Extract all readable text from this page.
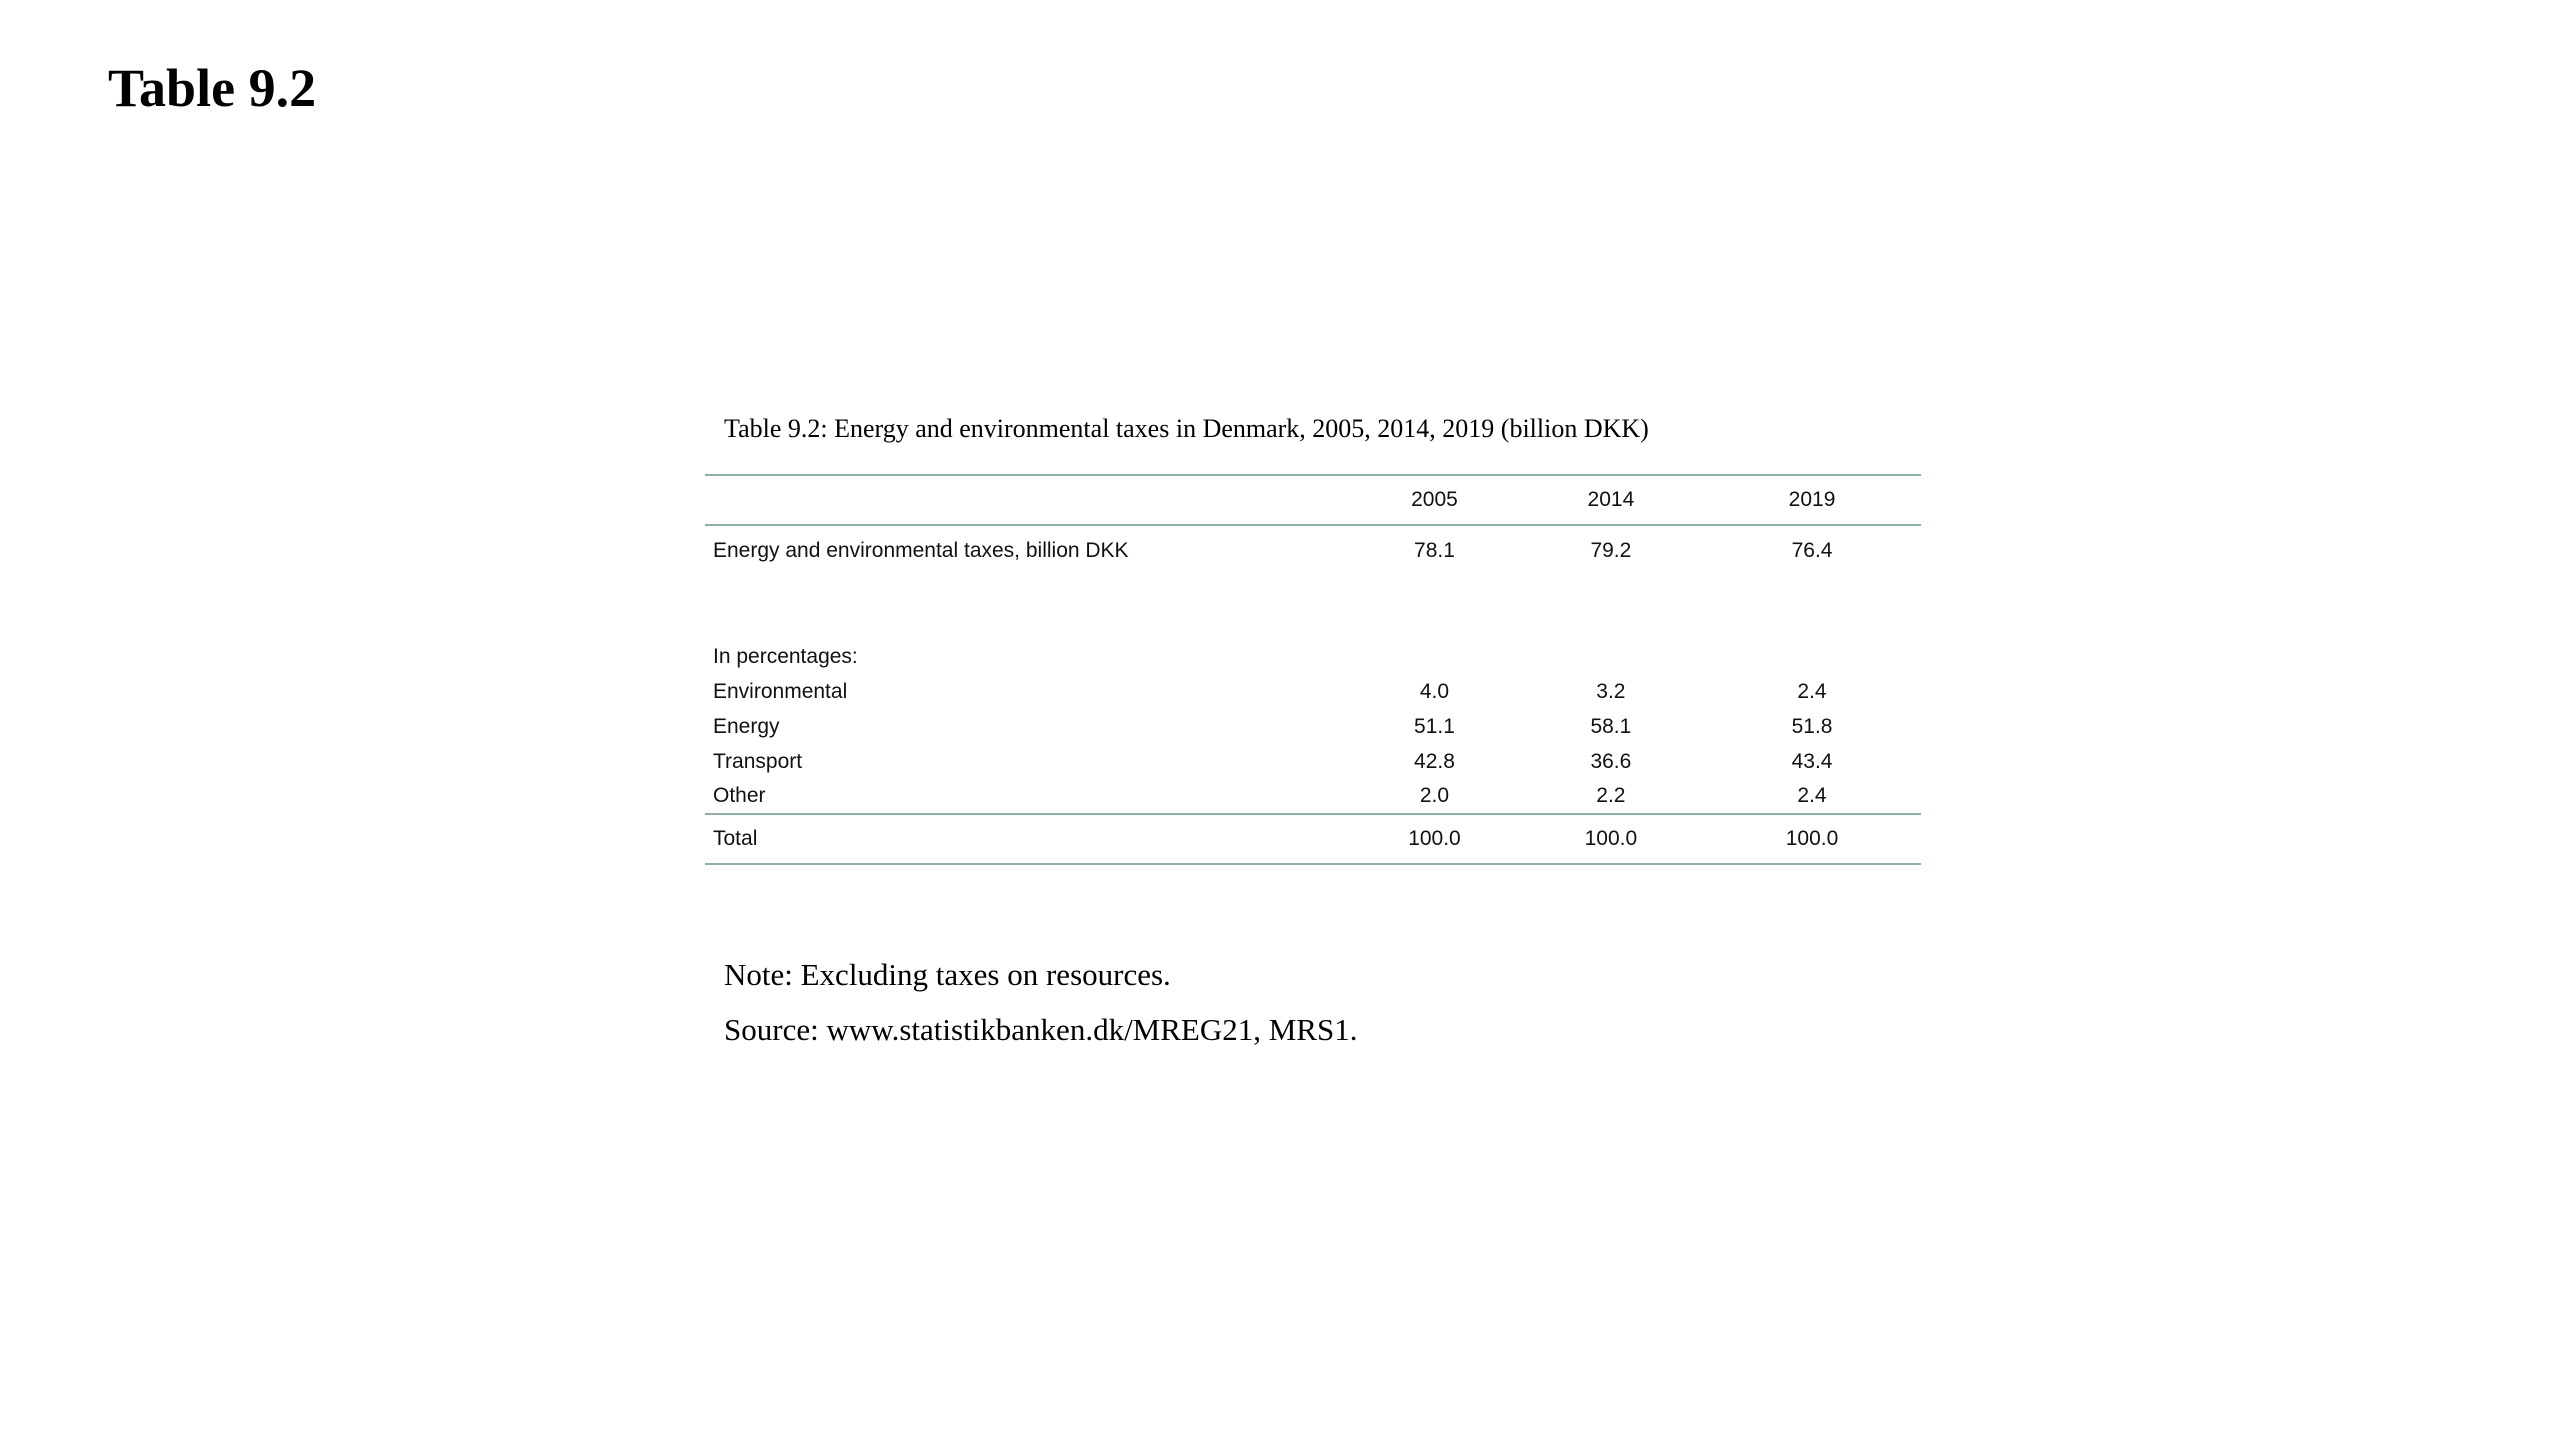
Table 9.2
Table 9.2: Energy and environmental taxes in Denmark, 2005, 2014, 2019 (billion DKK)
	2005	2014	2019
Energy and environmental taxes, billion DKK	78.1	79.2	76.4

In percentages:			
Environmental	4.0	3.2	2.4
Energy	51.1	58.1	51.8
Transport	42.8	36.6	43.4
Other	2.0	2.2	2.4
Total	100.0	100.0	100.0
Note: Excluding taxes on resources.
Source: www.statistikbanken.dk/MREG21, MRS1.
